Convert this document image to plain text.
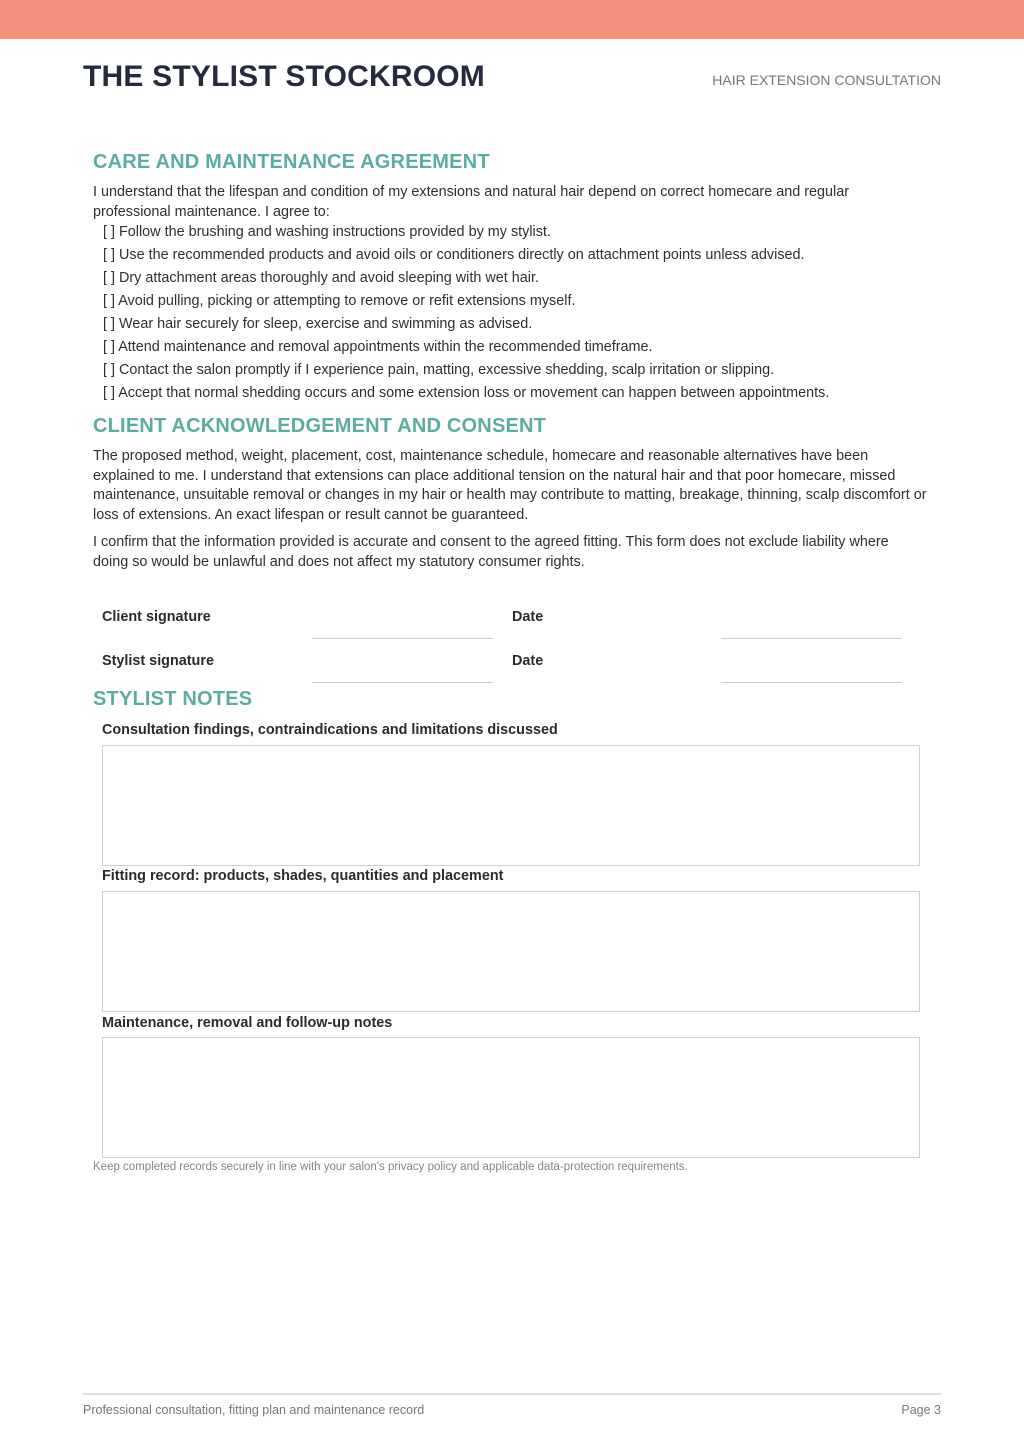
THE STYLIST STOCKROOM	HAIR EXTENSION CONSULTATION
CARE AND MAINTENANCE AGREEMENT

I understand that the lifespan and condition of my extensions and natural hair depend on correct homecare and regular professional maintenance. I agree to:

[ ] Follow the brushing and washing instructions provided by my stylist.
[ ] Use the recommended products and avoid oils or conditioners directly on attachment points unless advised.
[ ] Dry attachment areas thoroughly and avoid sleeping with wet hair.
[ ] Avoid pulling, picking or attempting to remove or refit extensions myself.
[ ] Wear hair securely for sleep, exercise and swimming as advised.
[ ] Attend maintenance and removal appointments within the recommended timeframe.
[ ] Contact the salon promptly if I experience pain, matting, excessive shedding, scalp irritation or slipping.
[ ] Accept that normal shedding occurs and some extension loss or movement can happen between appointments.
CLIENT ACKNOWLEDGEMENT AND CONSENT

The proposed method, weight, placement, cost, maintenance schedule, homecare and reasonable alternatives have been explained to me. I understand that extensions can place additional tension on the natural hair and that poor homecare, missed maintenance, unsuitable removal or changes in my hair or health may contribute to matting, breakage, thinning, scalp discomfort or loss of extensions. An exact lifespan or result cannot be guaranteed.

I confirm that the information provided is accurate and consent to the agreed fitting. This form does not exclude liability where doing so would be unlawful and does not affect my statutory consumer rights.

Client signature	Date
Stylist signature	Date
STYLIST NOTES

Consultation findings, contraindications and limitations discussed

Fitting record: products, shades, quantities and placement

Maintenance, removal and follow-up notes

Keep completed records securely in line with your salon's privacy policy and applicable data-protection requirements.

Professional consultation, fitting plan and maintenance record	Page 3
